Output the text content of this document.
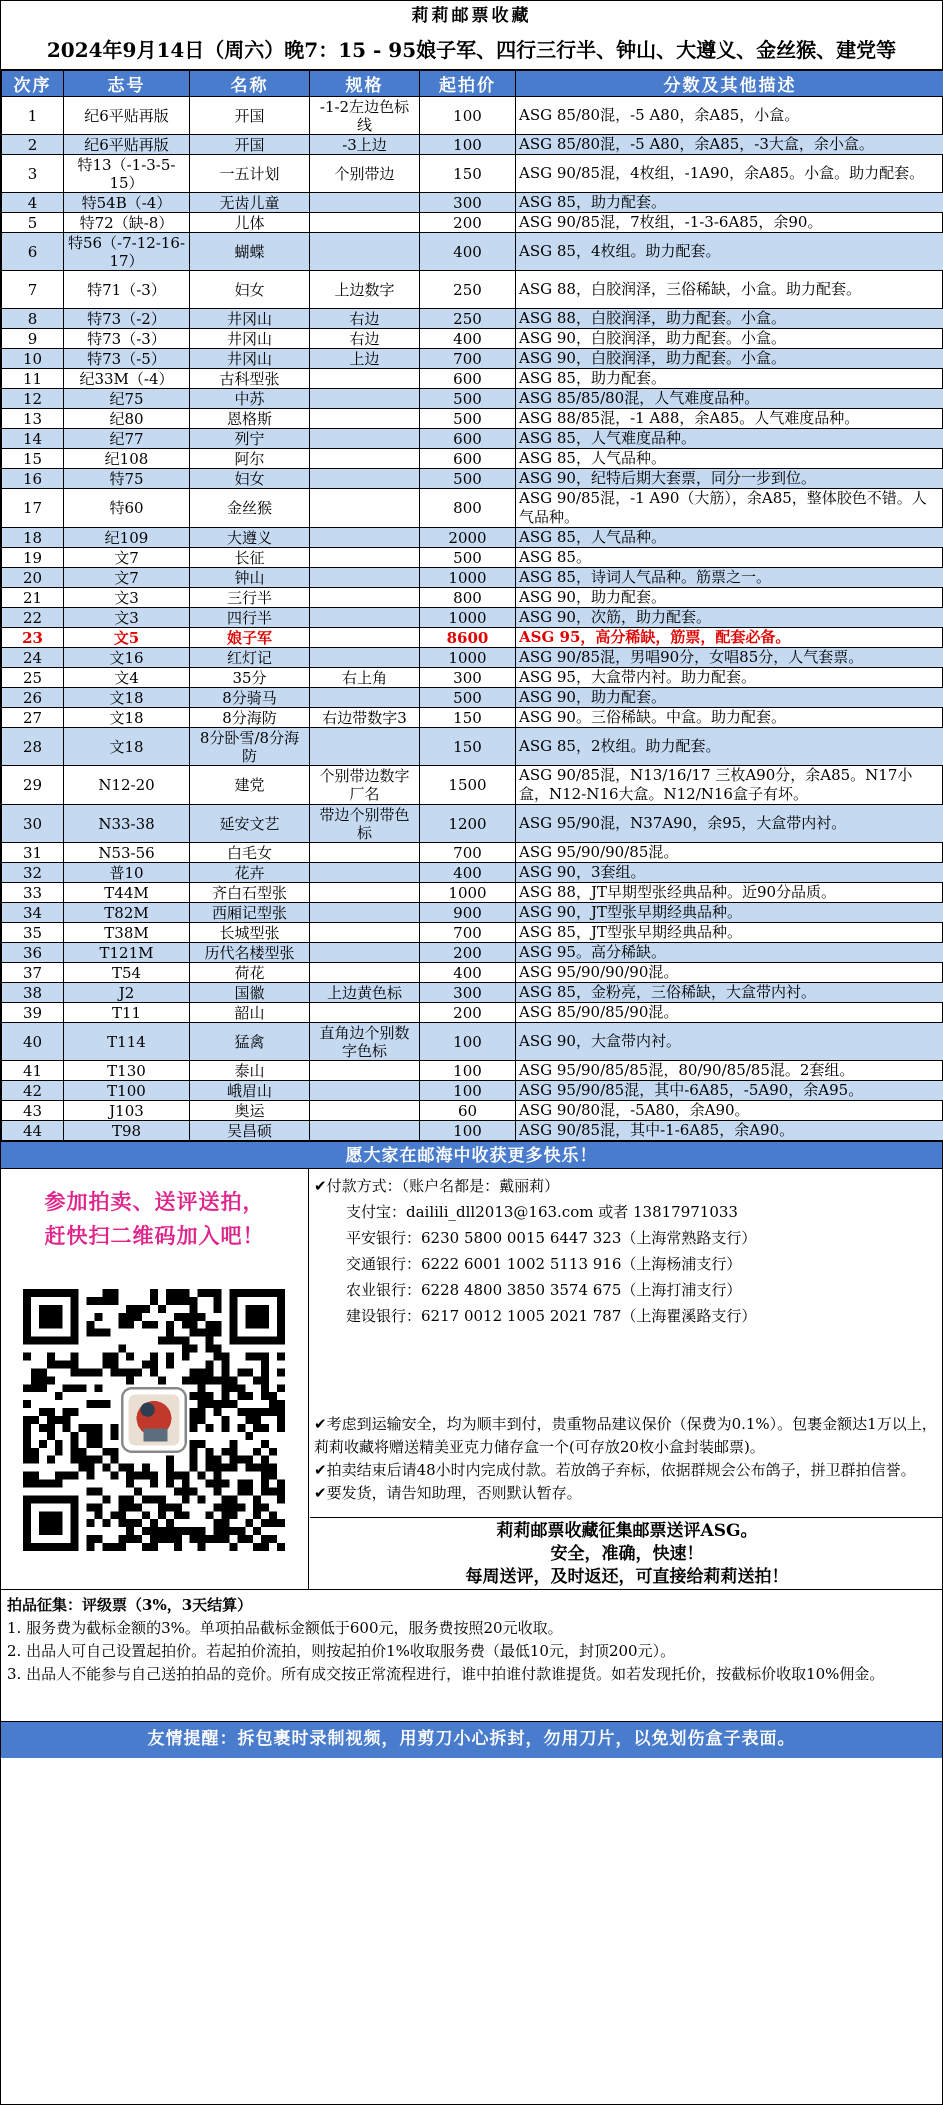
莉莉邮票收藏
2024年9月14日（周六）晚7：15 - 95娘子军、四行三行半、钟山、大遵义、金丝猴、建党等
次序	志号	名称	规格	起拍价	分数及其他描述
1	纪6平贴再版	开国	-1-2左边色标线	100	ASG 85/80混，-5 A80，余A85，小盒。
2	纪6平贴再版	开国	-3上边	100	ASG 85/80混，-5 A80，余A85，-3大盒，余小盒。
3	特13（-1-3-5-15）	一五计划	个别带边	150	ASG 90/85混，4枚组，-1A90，余A85。小盒。助力配套。
4	特54B（-4）	无齿儿童		300	ASG 85，助力配套。
5	特72（缺-8）	儿体		200	ASG 90/85混，7枚组，-1-3-6A85，余90。
6	特56（-7-12-16-17）	蝴蝶		400	ASG 85，4枚组。助力配套。
7	特71（-3）	妇女	上边数字	250	ASG 88，白胶润泽，三俗稀缺，小盒。助力配套。
8	特73（-2）	井冈山	右边	250	ASG 88，白胶润泽，助力配套。小盒。
9	特73（-3）	井冈山	右边	400	ASG 90，白胶润泽，助力配套。小盒。
10	特73（-5）	井冈山	上边	700	ASG 90，白胶润泽，助力配套。小盒。
11	纪33M（-4）	古科型张		600	ASG 85，助力配套。
12	纪75	中苏		500	ASG 85/85/80混，人气难度品种。
13	纪80	恩格斯		500	ASG 88/85混，-1 A88，余A85。人气难度品种。
14	纪77	列宁		600	ASG 85，人气难度品种。
15	纪108	阿尔		600	ASG 85，人气品种。
16	特75	妇女		500	ASG 90，纪特后期大套票，同分一步到位。
17	特60	金丝猴		800	ASG 90/85混，-1 A90（大筋），余A85，整体胶色不错。人气品种。
18	纪109	大遵义		2000	ASG 85，人气品种。
19	文7	长征		500	ASG 85。
20	文7	钟山		1000	ASG 85，诗词人气品种。筋票之一。
21	文3	三行半		800	ASG 90，助力配套。
22	文3	四行半		1000	ASG 90，次筋，助力配套。
23	文5	娘子军		8600	ASG 95，高分稀缺，筋票，配套必备。
24	文16	红灯记		1000	ASG 90/85混，男唱90分，女唱85分，人气套票。
25	文4	35分	右上角	300	ASG 95，大盒带内衬。助力配套。
26	文18	8分骑马		500	ASG 90，助力配套。
27	文18	8分海防	右边带数字3	150	ASG 90。三俗稀缺。中盒。助力配套。
28	文18	8分卧雪/8分海防		150	ASG 85，2枚组。助力配套。
29	N12-20	建党	个别带边数字厂名	1500	ASG 90/85混，N13/16/17 三枚A90分，余A85。N17小盒，N12-N16大盒。N12/N16盒子有坏。
30	N33-38	延安文艺	带边个别带色标	1200	ASG 95/90混，N37A90，余95，大盒带内衬。
31	N53-56	白毛女		700	ASG 95/90/90/85混。
32	普10	花卉		400	ASG 90，3套组。
33	T44M	齐白石型张		1000	ASG 88，JT早期型张经典品种。近90分品质。
34	T82M	西厢记型张		900	ASG 90，JT型张早期经典品种。
35	T38M	长城型张		700	ASG 85，JT型张早期经典品种。
36	T121M	历代名楼型张		200	ASG 95。高分稀缺。
37	T54	荷花		400	ASG 95/90/90/90混。
38	J2	国徽	上边黄色标	300	ASG 85，金粉亮，三俗稀缺，大盒带内衬。
39	T11	韶山		200	ASG 85/90/85/90混。
40	T114	猛禽	直角边个别数字色标	100	ASG 90，大盒带内衬。
41	T130	泰山		100	ASG 95/90/85/85混，80/90/85/85混。2套组。
42	T100	峨眉山		100	ASG 95/90/85混，其中-6A85，-5A90，余A95。
43	J103	奥运		60	ASG 90/80混，-5A80，余A90。
44	T98	吴昌硕		100	ASG 90/85混，其中-1-6A85，余A90。
愿大家在邮海中收获更多快乐！
参加拍卖、送评送拍，
赶快扫二维码加入吧！
✔付款方式：（账户名都是：戴丽莉）
支付宝：dailili_dll2013@163.com 或者 13817971033
平安银行：6230 5800 0015 6447 323（上海常熟路支行）
交通银行：6222 6001 1002 5113 916（上海杨浦支行）
农业银行：6228 4800 3850 3574 675（上海打浦支行）
建设银行：6217 0012 1005 2021 787（上海瞿溪路支行）
✔考虑到运输安全，均为顺丰到付，贵重物品建议保价（保费为0.1%）。包裹金额达1万以上，莉莉收藏将赠送精美亚克力储存盒一个(可存放20枚小盒封装邮票)。
✔拍卖结束后请48小时内完成付款。若放鸽子弃标，依据群规会公布鸽子，拼卫群拍信誉。
✔要发货，请告知助理，否则默认暂存。
莉莉邮票收藏征集邮票送评ASG。
安全，准确，快速！
每周送评，及时返还，可直接给莉莉送拍！
拍品征集：评级票（3%，3天结算）
1. 服务费为截标金额的3%。单项拍品截标金额低于600元，服务费按照20元收取。
2. 出品人可自己设置起拍价。若起拍价流拍，则按起拍价1%收取服务费（最低10元，封顶200元）。
3. 出品人不能参与自己送拍拍品的竞价。所有成交按正常流程进行，谁中拍谁付款谁提货。如若发现托价，按截标价收取10%佣金。
友情提醒：拆包裹时录制视频，用剪刀小心拆封，勿用刀片，以免划伤盒子表面。
